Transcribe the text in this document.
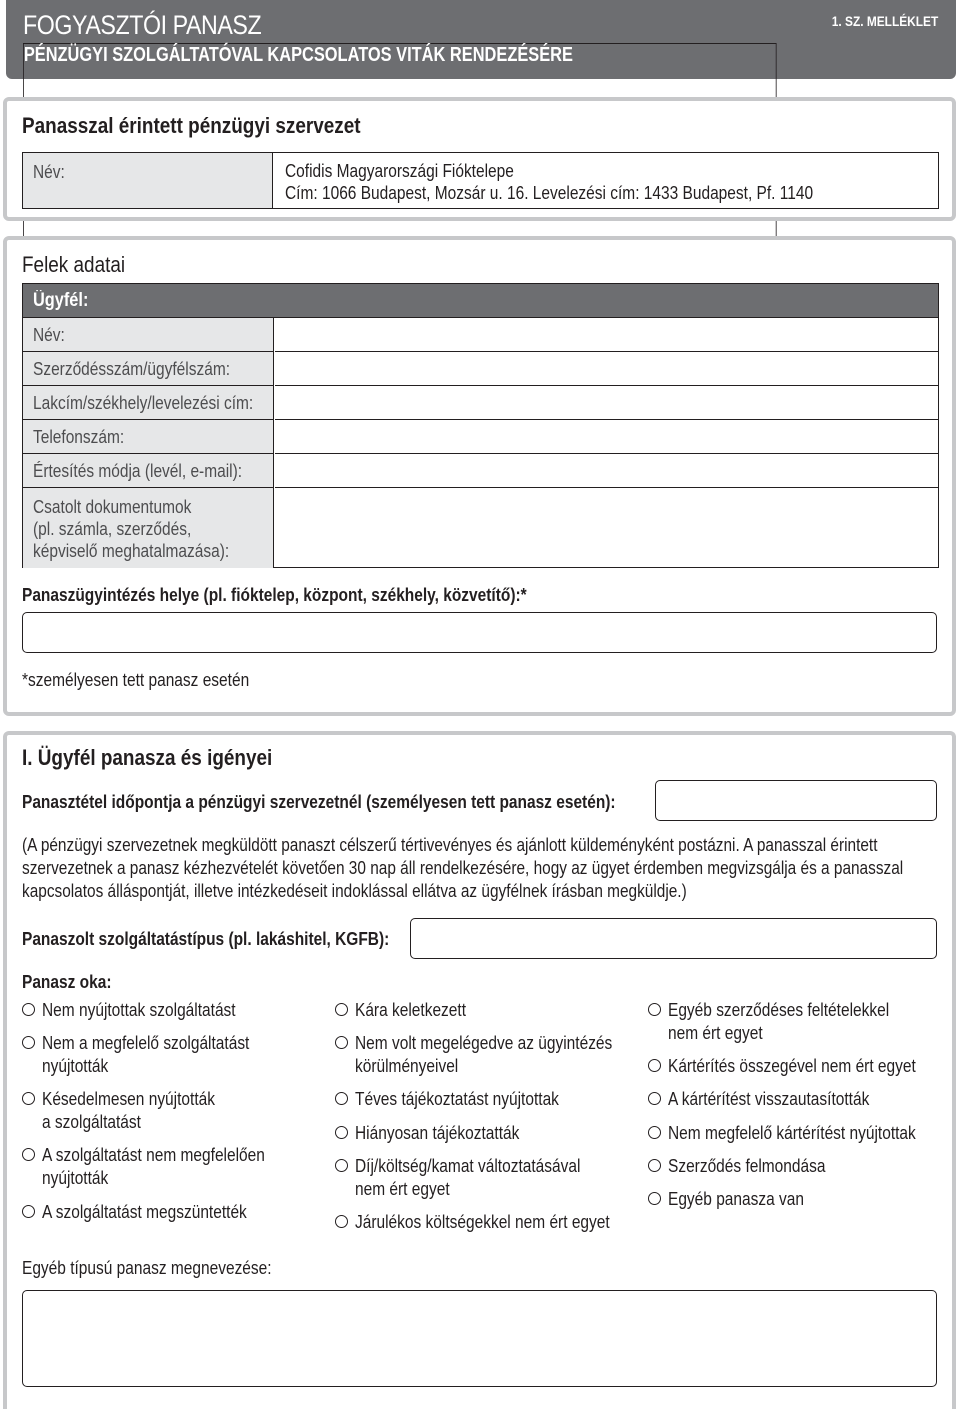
FOGYASZTÓI PANASZ
PÉNZÜGYI SZOLGÁLTATÓVAL KAPCSOLATOS VITÁK RENDEZÉSÉRE
1. SZ. MELLÉKLET
Panasszal érintett pénzügyi szervezet
Név:	Cofidis Magyarországi Fióktelepe
Cím: 1066 Budapest, Mozsár u. 16. Levelezési cím: 1433 Budapest, Pf. 1140
Felek adatai
Név:
Szerződésszám/ügyfélszám:
Lakcím/székhely/levelezési cím:
Telefonszám:
Értesítés módja (levél, e-mail):
Csatolt dokumentumok
(pl. számla, szerződés,
képviselő meghatalmazása):
Ügyfél:
Panaszügyintézés helye (pl. fióktelep, központ, székhely, közvetítő):*
*személyesen tett panasz esetén
I. Ügyfél panasza és igényei
Panasztétel időpontja a pénzügyi szervezetnél (személyesen tett panasz esetén):
(A pénzügyi szervezetnek megküldött panaszt célszerű tértivevényes és ajánlott küldeményként postázni. A panasszal érintett
szervezetnek a panasz kézhezvételét követően 30 nap áll rendelkezésére, hogy az ügyet érdemben megvizsgálja és a panasszal
kapcsolatos álláspontját, illetve intézkedéseit indoklással ellátva az ügyfélnek írásban megküldje.)
Panaszolt szolgáltatástípus (pl. lakáshitel, KGFB):
Panasz oka:
Nem nyújtottak szolgáltatást
Nem a megfelelő szolgáltatást
nyújtották
Késedelmesen nyújtották
a szolgáltatást
A szolgáltatást nem megfelelően
nyújtották
A szolgáltatást megszüntették
Kára keletkezett
Nem volt megelégedve az ügyintézés
körülményeivel
Téves tájékoztatást nyújtottak
Hiányosan tájékoztatták
Díj/költség/kamat változtatásával
nem ért egyet
Járulékos költségekkel nem ért egyet
Egyéb szerződéses feltételekkel
nem ért egyet
Kártérítés összegével nem ért egyet
A kártérítést visszautasították
Nem megfelelő kártérítést nyújtottak
Szerződés felmondása
Egyéb panasza van
Egyéb típusú panasz megnevezése:
